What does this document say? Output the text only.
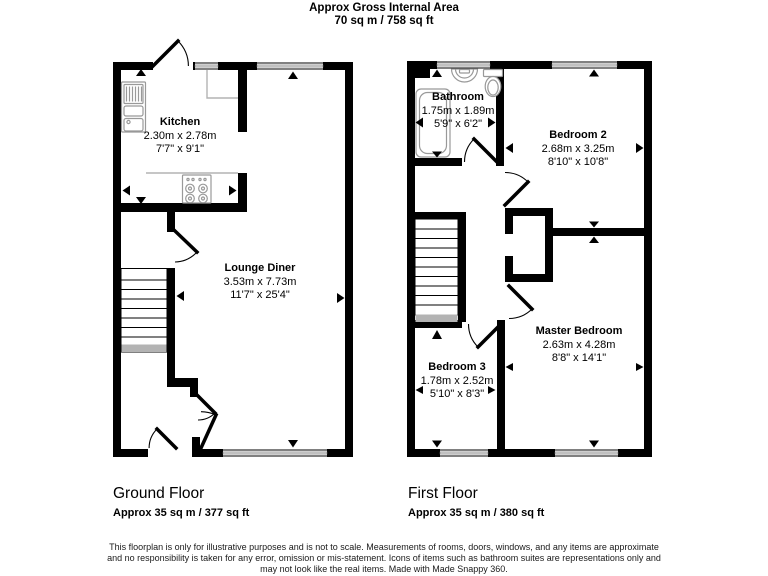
Approx Gross Internal Area
70 sq m / 758 sq ft
Kitchen
2.30m x 2.78m
7'7" x 9'1"
Lounge Diner
3.53m x 7.73m
11'7" x 25'4"
Bathroom
1.75m x 1.89m
5'9" x 6'2"
Bedroom 2
2.68m x 3.25m
8'10" x 10'8"
Master Bedroom
2.63m x 4.28m
8'8" x 14'1"
Bedroom 3
1.78m x 2.52m
5'10" x 8'3"
Ground Floor
Approx 35 sq m / 377 sq ft
First Floor
Approx 35 sq m / 380 sq ft
This floorplan is only for illustrative purposes and is not to scale. Measurements of rooms, doors, windows, and any items are approximate
and no responsibility is taken for any error, omission or mis-statement. Icons of items such as bathroom suites are representations only and
may not look like the real items. Made with Made Snappy 360.
